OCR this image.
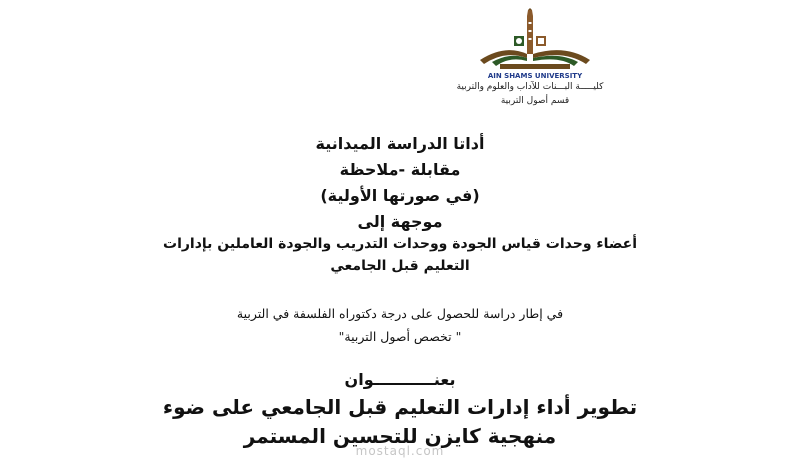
AIN SHAMS UNIVERSITY
كليـــــة البـــنات للآداب والعلوم والتربية
قسم أصول التربية

أداتا الدراسة الميدانية

مقابلة -ملاحظة

(في صورتها الأولية)

موجهة إلى

أعضاء وحدات قياس الجودة ووحدات التدريب والجودة العاملين بإدارات

التعليم قبل الجامعي

في إطار دراسة للحصول على درجة دكتوراه الفلسفة في التربية

" تخصص أصول التربية"

بعنـــــــــــوان

تطوير أداء إدارات التعليم قبل الجامعي على ضوء

منهجية كايزن للتحسين المستمر

mostaql.com
